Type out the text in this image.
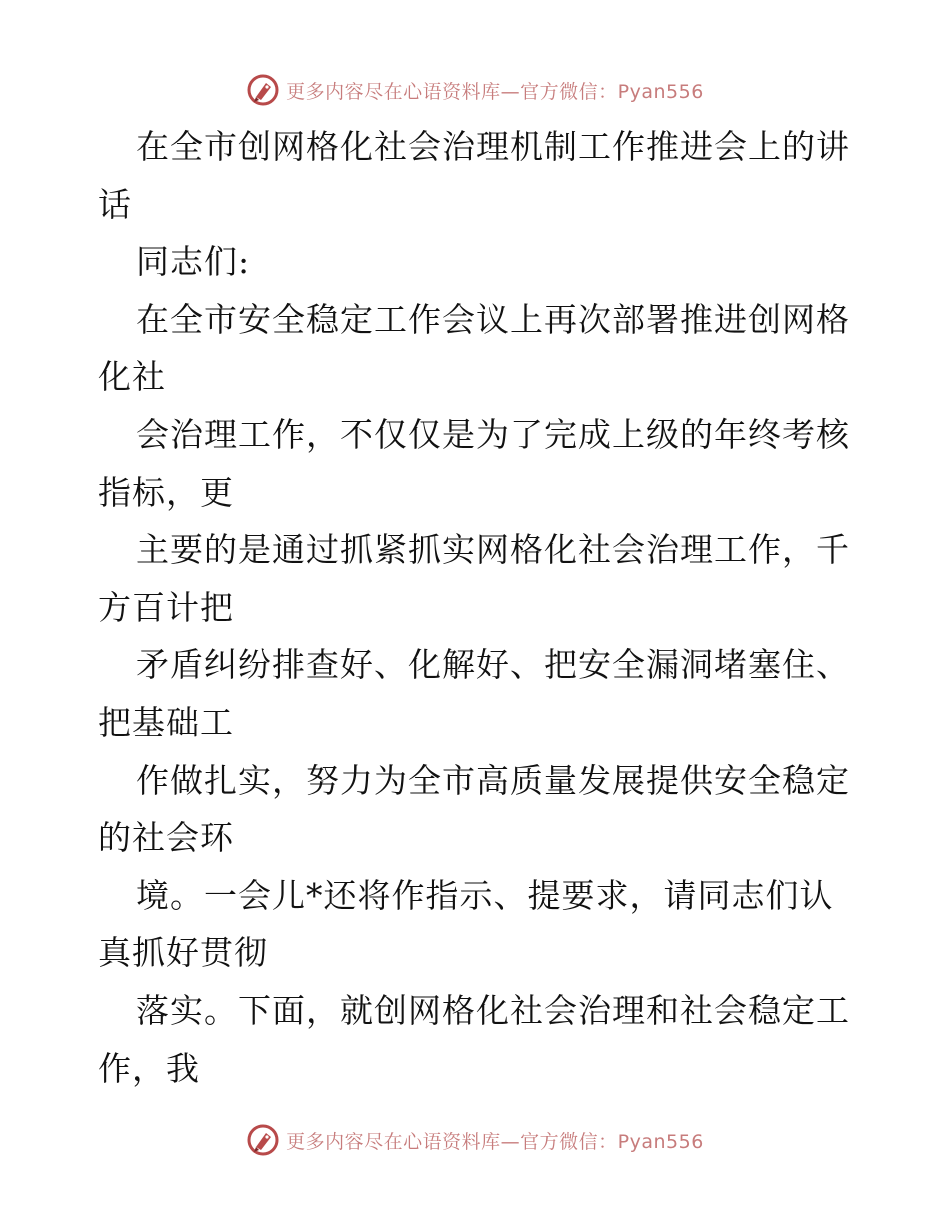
更多内容尽在心语资料库—官方微信：Pyan556
在全市创网格化社会治理机制工作推进会上的讲
话
同志们:
在全市安全稳定工作会议上再次部署推进创网格
化社
会治理工作，不仅仅是为了完成上级的年终考核
指标，更
主要的是通过抓紧抓实网格化社会治理工作，千
方百计把
矛盾纠纷排查好、化解好、把安全漏洞堵塞住、
把基础工
作做扎实，努力为全市高质量发展提供安全稳定
的社会环
境。一会儿*还将作指示、提要求，请同志们认
真抓好贯彻
落实。下面，就创网格化社会治理和社会稳定工
作，我
更多内容尽在心语资料库—官方微信：Pyan556
